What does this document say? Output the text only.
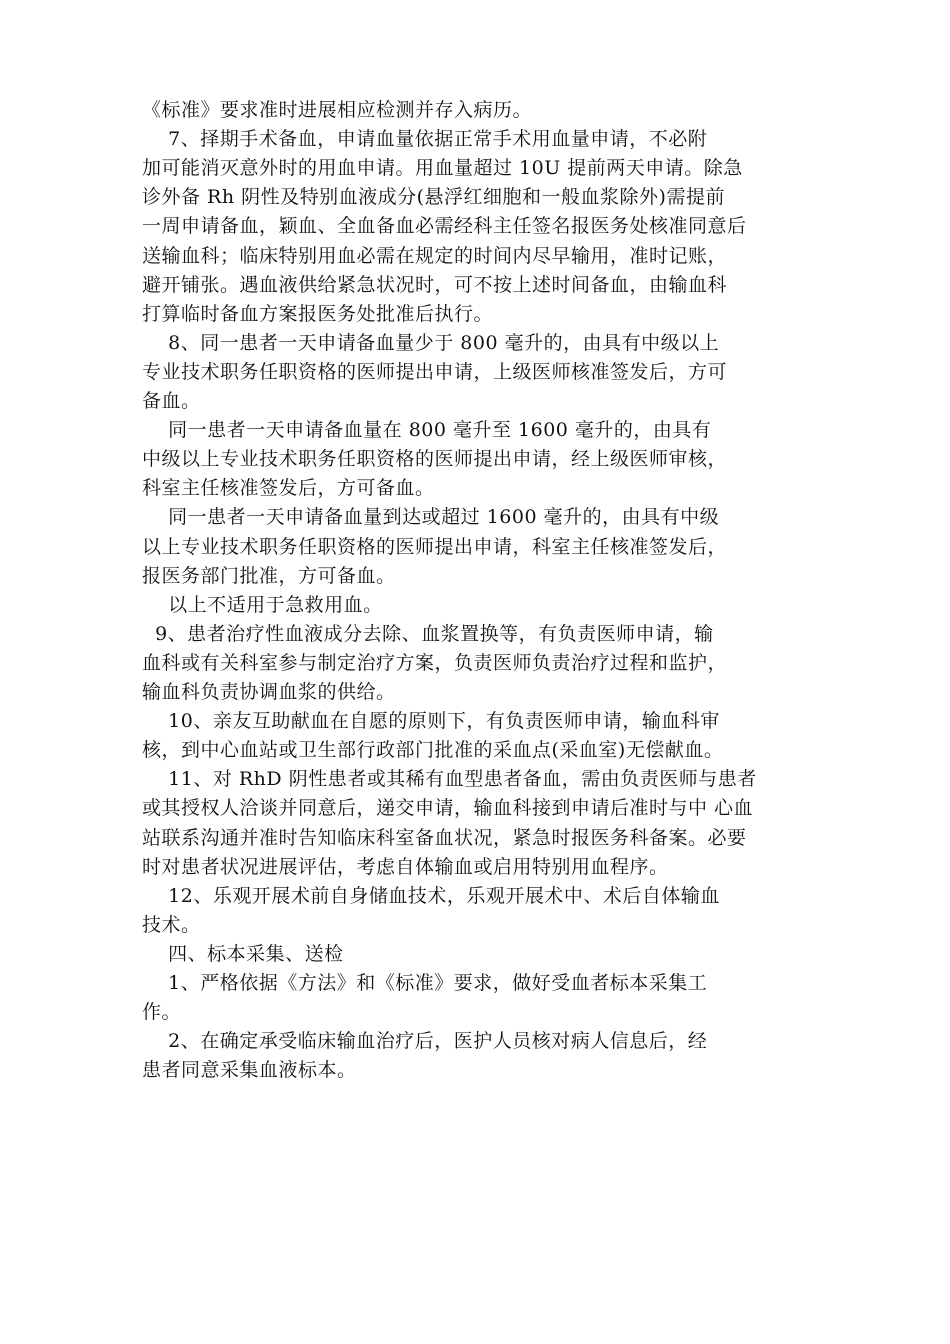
《标准》要求准时进展相应检测并存入病历。

7、择期手术备血，申请血量依据正常手术用血量申请，不必附

加可能消灭意外时的用血申请。用血量超过 10U 提前两天申请。除急

诊外备 Rh 阴性及特别血液成分(悬浮红细胞和一般血浆除外)需提前

一周申请备血，颖血、全血备血必需经科主任签名报医务处核准同意后

送输血科；临床特别用血必需在规定的时间内尽早输用，准时记账，

避开铺张。遇血液供给紧急状况时，可不按上述时间备血，由输血科

打算临时备血方案报医务处批准后执行。

8、同一患者一天申请备血量少于 800 毫升的，由具有中级以上

专业技术职务任职资格的医师提出申请，上级医师核准签发后，方可

备血。

同一患者一天申请备血量在 800 毫升至 1600 毫升的，由具有

中级以上专业技术职务任职资格的医师提出申请，经上级医师审核，

科室主任核准签发后，方可备血。

同一患者一天申请备血量到达或超过 1600 毫升的，由具有中级

以上专业技术职务任职资格的医师提出申请，科室主任核准签发后，

报医务部门批准，方可备血。

以上不适用于急救用血。

9、患者治疗性血液成分去除、血浆置换等，有负责医师申请，输

血科或有关科室参与制定治疗方案，负责医师负责治疗过程和监护，

输血科负责协调血浆的供给。

10、亲友互助献血在自愿的原则下，有负责医师申请，输血科审

核，到中心血站或卫生部行政部门批准的采血点(采血室)无偿献血。

11、对 RhD 阴性患者或其稀有血型患者备血，需由负责医师与患者

或其授权人洽谈并同意后，递交申请，输血科接到申请后准时与中 心血

站联系沟通并准时告知临床科室备血状况，紧急时报医务科备案。必要

时对患者状况进展评估，考虑自体输血或启用特别用血程序。

12、乐观开展术前自身储血技术，乐观开展术中、术后自体输血

技术。

四、标本采集、送检

1、严格依据《方法》和《标准》要求，做好受血者标本采集工

作。

2、在确定承受临床输血治疗后，医护人员核对病人信息后，经

患者同意采集血液标本。
